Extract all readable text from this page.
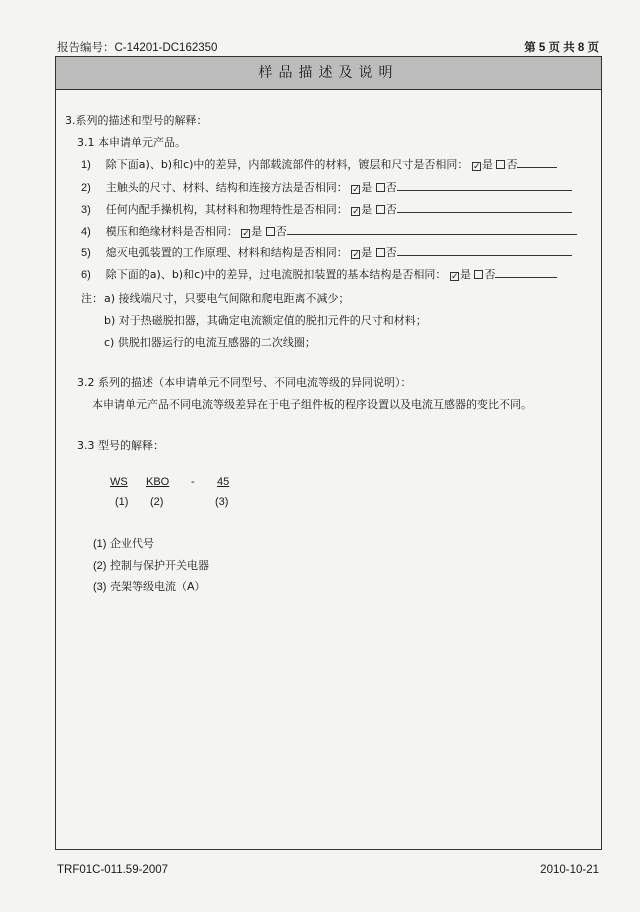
报告编号：C-14201-DC162350	第 5 页 共 8 页
样品描述及说明
3.系列的描述和型号的解释：
3.1 本申请单元产品。
1) 除下面a)、b)和c)中的差异，内部载流部件的材料，镀层和尺寸是否相同： ✓是 否
2) 主触头的尺寸、材料、结构和连接方法是否相同： ✓是 否
3) 任何内配手操机构，其材料和物理特性是否相同： ✓是 否
4) 模压和绝缘材料是否相同： ✓是 否
5) 熄灭电弧装置的工作原理、材料和结构是否相同： ✓是 否
6) 除下面的a)、b)和c)中的差异，过电流脱扣装置的基本结构是否相同： ✓是 否
注： a) 接线端尺寸，只要电气间隙和爬电距离不减少；
b) 对于热磁脱扣器，其确定电流额定值的脱扣元件的尺寸和材料；
c) 供脱扣器运行的电流互感器的二次线圈；
3.2 系列的描述（本申请单元不同型号、不同电流等级的异同说明）：
本申请单元产品不同电流等级差异在于电子组件板的程序设置以及电流互感器的变比不同。
3.3 型号的解释：
WS KBO - 45
(1) (2)	(3)
(1) 企业代号
(2) 控制与保护开关电器
(3) 壳架等级电流（A）
TRF01C-011.59-2007	2010-10-21
